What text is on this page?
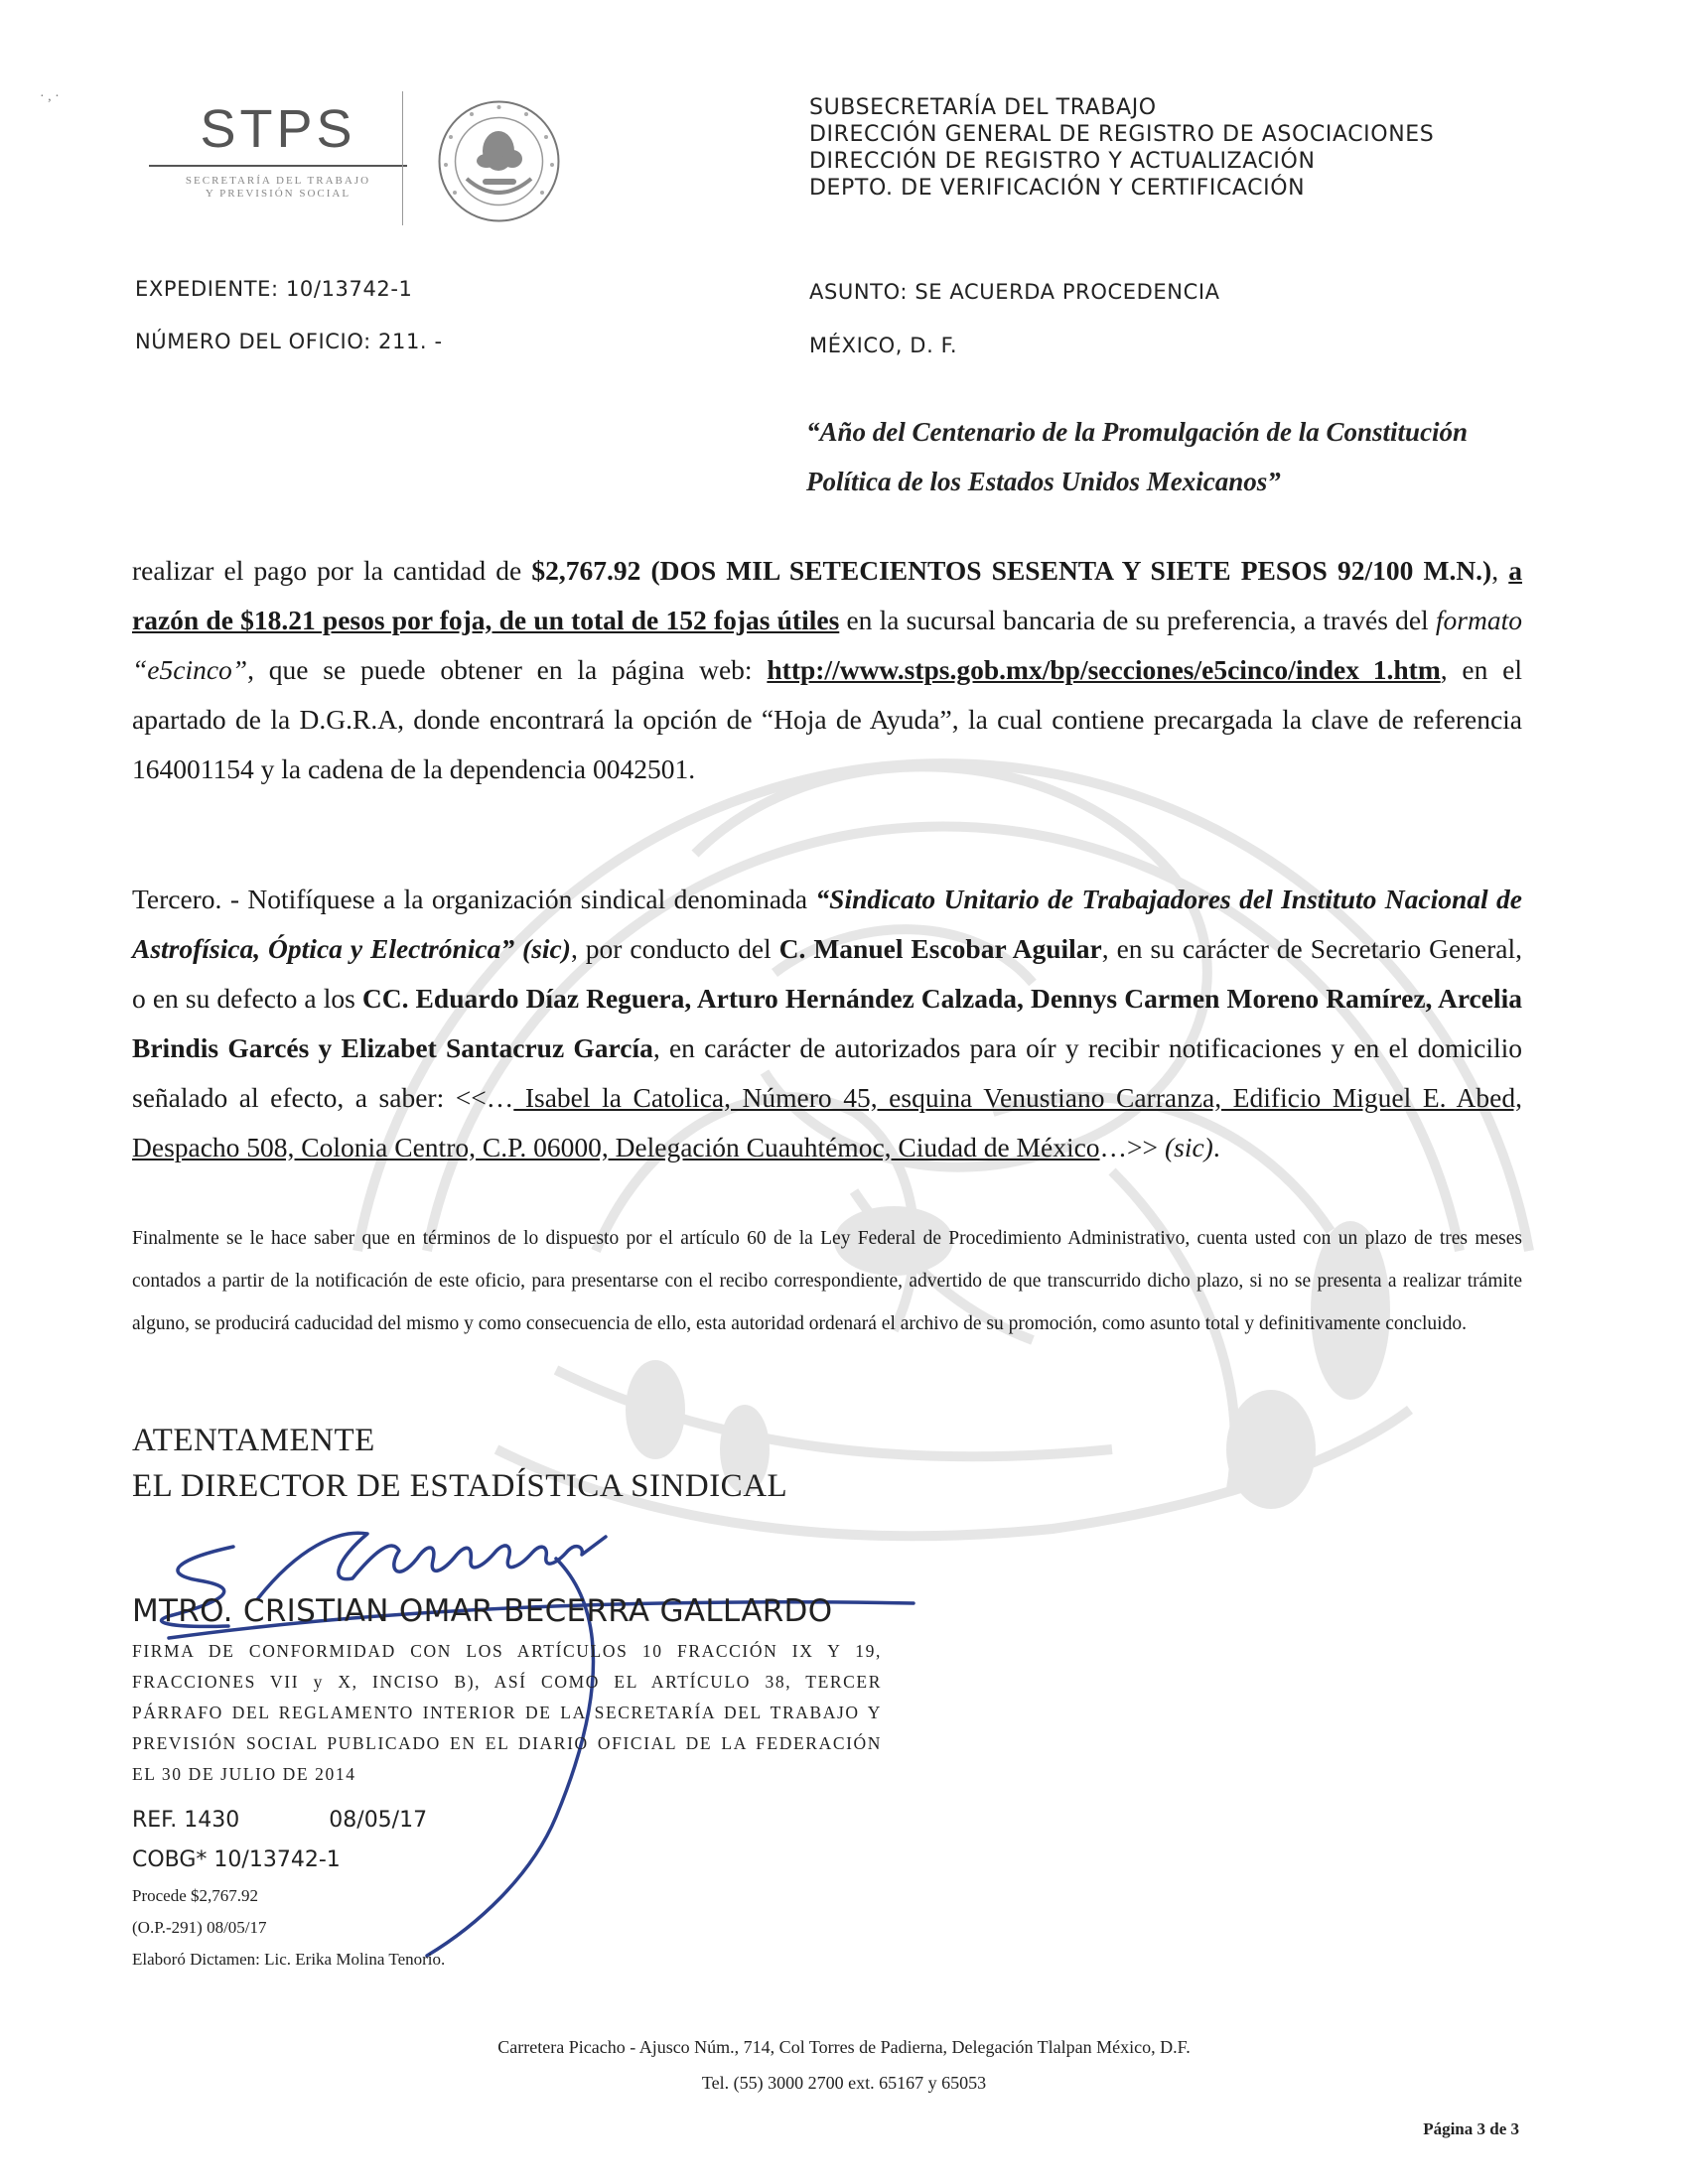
· , ·
STPS
SECRETARÍA DEL TRABAJO
Y PREVISIÓN SOCIAL
SUBSECRETARÍA DEL TRABAJO
DIRECCIÓN GENERAL DE REGISTRO DE ASOCIACIONES
DIRECCIÓN DE REGISTRO Y ACTUALIZACIÓN
DEPTO. DE VERIFICACIÓN Y CERTIFICACIÓN
EXPEDIENTE: 10/13742-1
NÚMERO DEL OFICIO: 211. -
ASUNTO: SE ACUERDA PROCEDENCIA
MÉXICO, D. F.
“Año del Centenario de la Promulgación de la Constitución Política de los Estados Unidos Mexicanos”
realizar el pago por la cantidad de $2,767.92 (DOS MIL SETECIENTOS SESENTA Y SIETE PESOS 92/100 M.N.), a razón de $18.21 pesos por foja, de un total de 152 fojas útiles en la sucursal bancaria de su preferencia, a través del formato “e5cinco”, que se puede obtener en la página web: http://www.stps.gob.mx/bp/secciones/e5cinco/index_1.htm, en el apartado de la D.G.R.A, donde encontrará la opción de “Hoja de Ayuda”, la cual contiene precargada la clave de referencia 164001154 y la cadena de la dependencia 0042501.
Tercero. - Notifíquese a la organización sindical denominada “Sindicato Unitario de Trabajadores del Instituto Nacional de Astrofísica, Óptica y Electrónica” (sic), por conducto del C. Manuel Escobar Aguilar, en su carácter de Secretario General, o en su defecto a los CC. Eduardo Díaz Reguera, Arturo Hernández Calzada, Dennys Carmen Moreno Ramírez, Arcelia Brindis Garcés y Elizabet Santacruz García, en carácter de autorizados para oír y recibir notificaciones y en el domicilio señalado al efecto, a saber: <<… Isabel la Catolica, Número 45, esquina Venustiano Carranza, Edificio Miguel E. Abed, Despacho 508, Colonia Centro, C.P. 06000, Delegación Cuauhtémoc, Ciudad de México…>> (sic).
Finalmente se le hace saber que en términos de lo dispuesto por el artículo 60 de la Ley Federal de Procedimiento Administrativo, cuenta usted con un plazo de tres meses contados a partir de la notificación de este oficio, para presentarse con el recibo correspondiente, advertido de que transcurrido dicho plazo, si no se presenta a realizar trámite alguno, se producirá caducidad del mismo y como consecuencia de ello, esta autoridad ordenará el archivo de su promoción, como asunto total y definitivamente concluido.
ATENTAMENTE
EL DIRECTOR DE ESTADÍSTICA SINDICAL
MTRO. CRISTIAN OMAR BECERRA GALLARDO
FIRMA DE CONFORMIDAD CON LOS ARTÍCULOS 10 FRACCIÓN IX Y 19, FRACCIONES VII y X, INCISO B), ASÍ COMO EL ARTÍCULO 38, TERCER PÁRRAFO DEL REGLAMENTO INTERIOR DE LA SECRETARÍA DEL TRABAJO Y PREVISIÓN SOCIAL PUBLICADO EN EL DIARIO OFICIAL DE LA FEDERACIÓN EL 30 DE JULIO DE 2014
REF. 1430	08/05/17
COBG* 10/13742-1
Procede $2,767.92
(O.P.-291) 08/05/17
Elaboró Dictamen: Lic. Erika Molina Tenorio.
Carretera Picacho - Ajusco Núm., 714, Col Torres de Padierna, Delegación Tlalpan México, D.F.
Tel. (55) 3000 2700 ext. 65167 y 65053
Página 3 de 3
